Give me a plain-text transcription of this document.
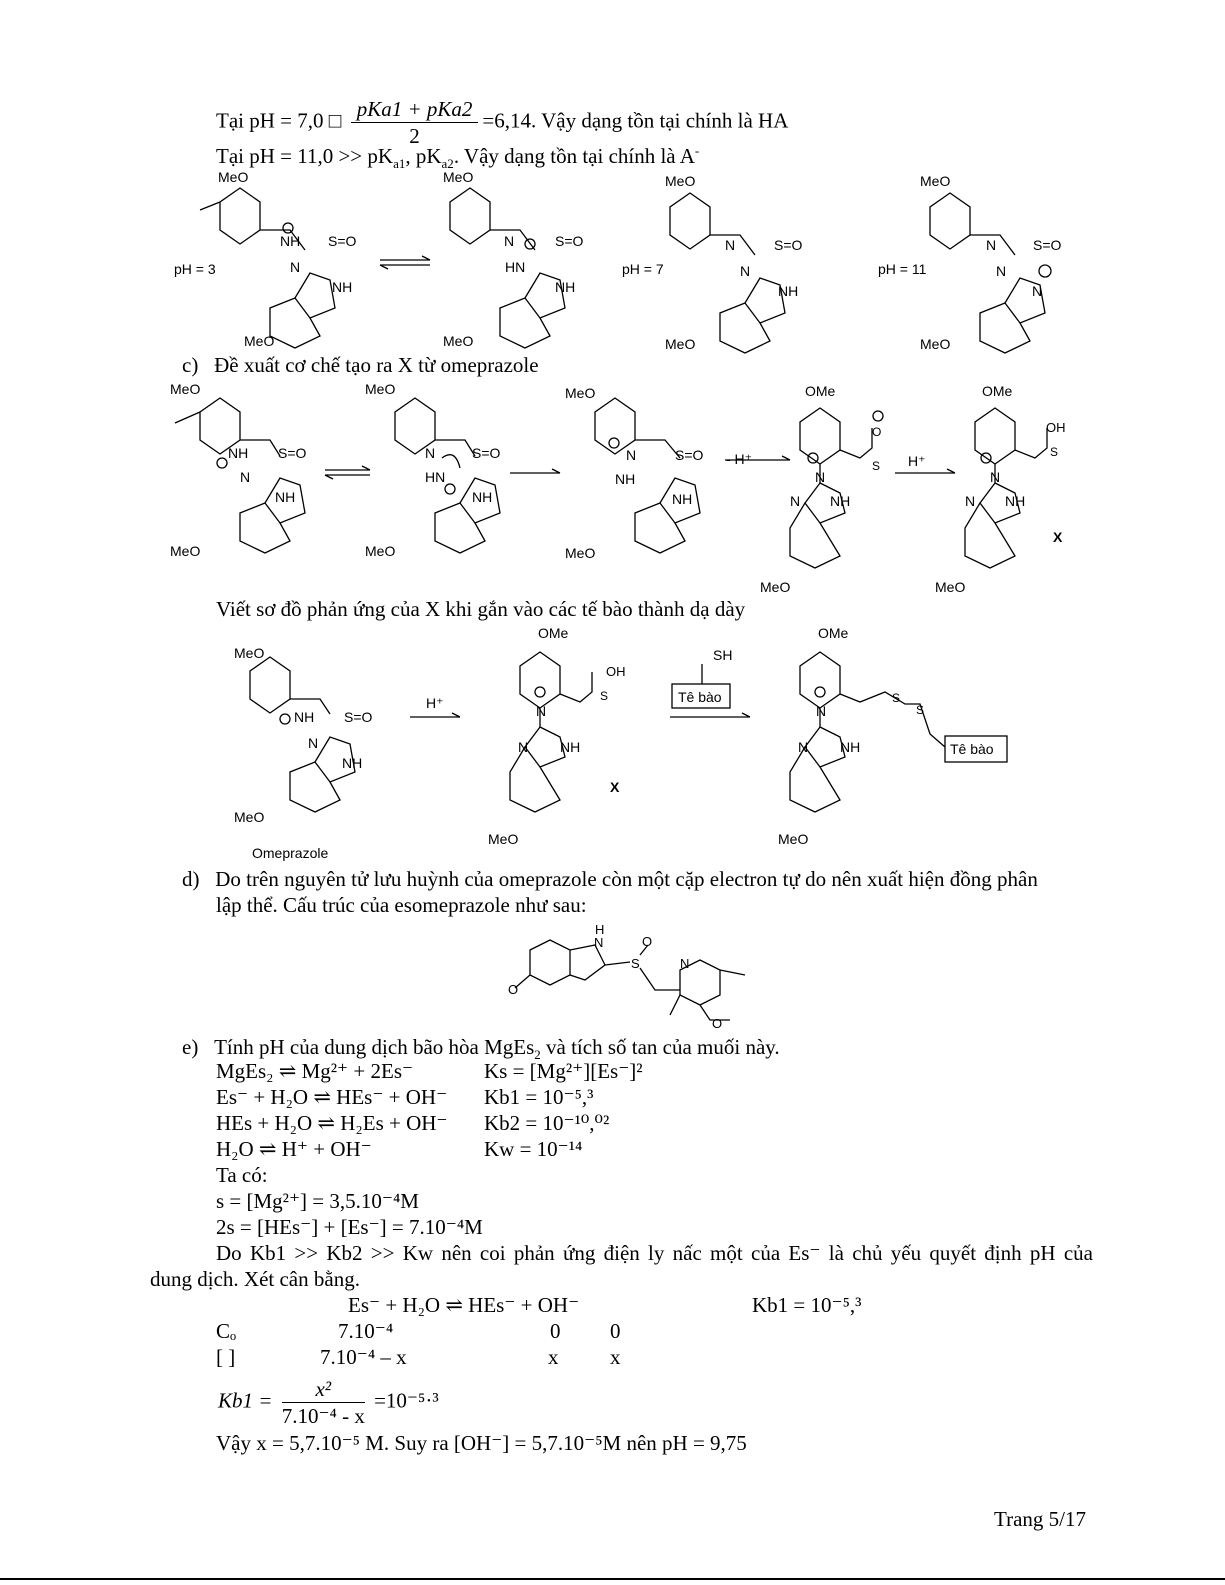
Tại pH = 7,0 □ $\frac{\text{pKa1 + pKa2}}{2} =6,14$. Vậy dạng tồn tại chính là HA
Tại pH = $11,0 >> pK_{a1}$, $pK_{a2}$. Vậy dạng tồn tại chính là A-
MeO
NH S=O
N
NH
MeO
pH = 3
MeO
N	S=O
HN
NH
MeO
pH = 7
MeO
N	S=O
N
NH
MeO
pH = 11
MeO
N	S=O
N
N
MeO
c) Đề xuất cơ chế tạo ra X từ omeprazole
MeO
NH S=O
N
NH
MeO
MeO
N	S=O
HN
NH
MeO
MeO
N	S=O
NH
NH
MeO
- H⁺
OMe
O
S
N
N NH
MeO
H⁺
OMe
OH
S
N
N NH
X
MeO
Viết sơ đồ phản ứng của X khi gắn vào các tế bào thành dạ dày
MeO
NH S=O
N
NH
MeO
Omeprazole
H⁺
OMe
OH
S
N
N NH
X
MeO
SH
Tê bào
OMe
S
S
N
N NH	Tê bào
MeO
d) Do trên nguyên tử lưu huỳnh của omeprazole còn một cặp electron tự do nên xuất hiện đồng phân
lập thể. Cấu trúc của esomeprazole như sau:
H
N	O
S	N
O
O
e) Tính pH của dung dịch bão hòa MgEs$_2$ và tích số tan của muối này.
MgEs₂ ⇌ Mg²⁺ + 2Es⁻	Ks = [Mg²⁺][Es⁻]²
Es⁻ + H₂O ⇌ HEs⁻ + OH⁻ Kb1 = 10⁻⁵,³
HEs + H₂O ⇌ H₂Es + OH⁻ Kb2 = 10⁻¹⁰,⁰²
H₂O ⇌ H⁺ + OH⁻	Kw = 10⁻¹⁴
Ta có:
s = [Mg²⁺] = 3,5.10⁻⁴M
2s = [HEs⁻] + [Es⁻] = 7.10⁻⁴M
Do Kb1 >> Kb2 >> Kw nên coi phản ứng điện ly nấc một của Es⁻ là chủ yếu quyết định pH của
dung dịch. Xét cân bằng.
Es⁻ + H₂O ⇌ HEs⁻ + OH⁻	Kb1 = 10⁻⁵,³
Cₒ	7.10⁻⁴	0 0
[ ]	7.10⁻⁴ – x	x x
$Kb1 = \frac{\text{x²}}{\text{7.10⁻⁴ - x}} =10^{-5}\cdot^3$
Vậy x = 5,7.10⁻⁵ M. Suy ra [OH⁻] = 5,7.10⁻⁵M nên pH = 9,75
Trang 5/17
